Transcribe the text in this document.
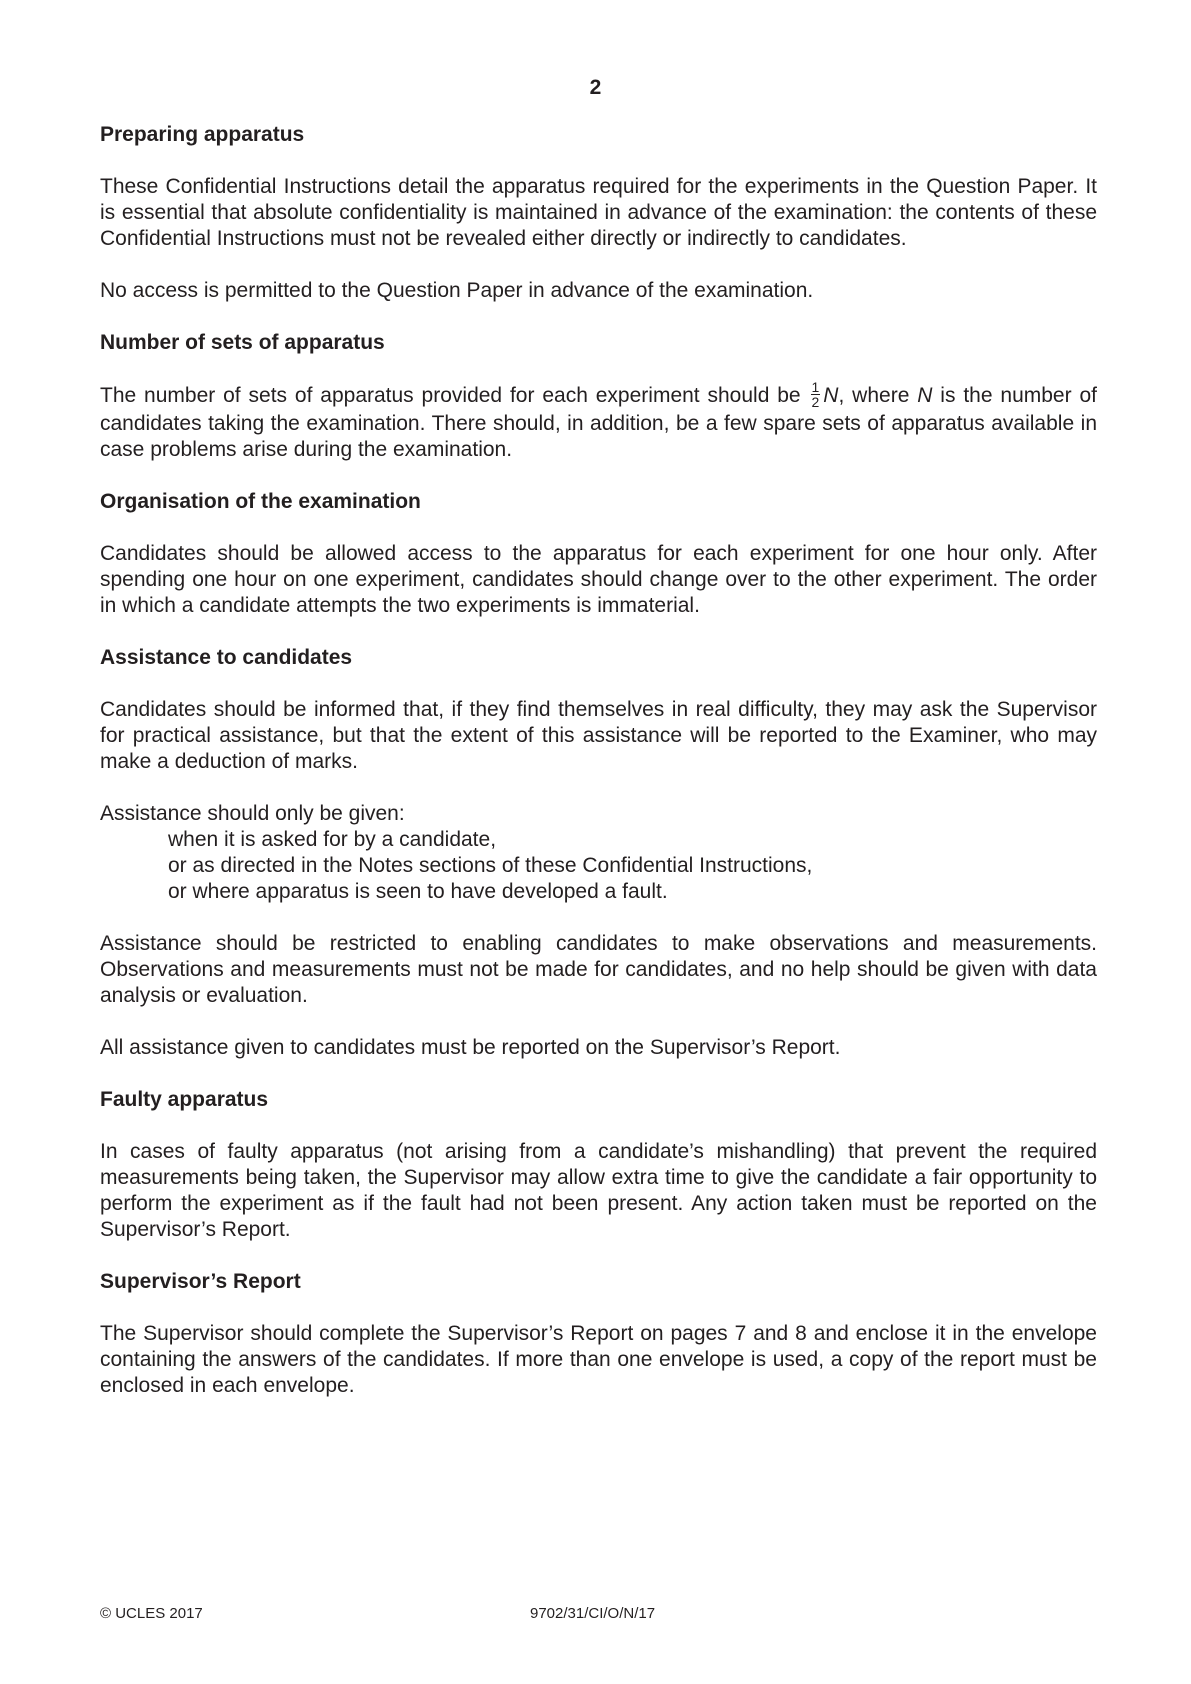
2
Preparing apparatus

These Confidential Instructions detail the apparatus required for the experiments in the Question Paper. It is essential that absolute confidentiality is maintained in advance of the examination: the contents of these Confidential Instructions must not be revealed either directly or indirectly to candidates.

No access is permitted to the Question Paper in advance of the examination.

Number of sets of apparatus

The number of sets of apparatus provided for each experiment should be $\frac{1}{2} N$, where N is the number of candidates taking the examination. There should, in addition, be a few spare sets of apparatus available in case problems arise during the examination.

Organisation of the examination

Candidates should be allowed access to the apparatus for each experiment for one hour only. After spending one hour on one experiment, candidates should change over to the other experiment. The order in which a candidate attempts the two experiments is immaterial.

Assistance to candidates

Candidates should be informed that, if they find themselves in real difficulty, they may ask the Supervisor for practical assistance, but that the extent of this assistance will be reported to the Examiner, who may make a deduction of marks.

Assistance should only be given:
when it is asked for by a candidate,
or as directed in the Notes sections of these Confidential Instructions,
or where apparatus is seen to have developed a fault.

Assistance should be restricted to enabling candidates to make observations and measurements. Observations and measurements must not be made for candidates, and no help should be given with data analysis or evaluation.

All assistance given to candidates must be reported on the Supervisor’s Report.

Faulty apparatus

In cases of faulty apparatus (not arising from a candidate’s mishandling) that prevent the required measurements being taken, the Supervisor may allow extra time to give the candidate a fair opportunity to perform the experiment as if the fault had not been present. Any action taken must be reported on the Supervisor’s Report.

Supervisor’s Report

The Supervisor should complete the Supervisor’s Report on pages 7 and 8 and enclose it in the envelope containing the answers of the candidates. If more than one envelope is used, a copy of the report must be enclosed in each envelope.

© UCLES 2017	9702/31/CI/O/N/17
